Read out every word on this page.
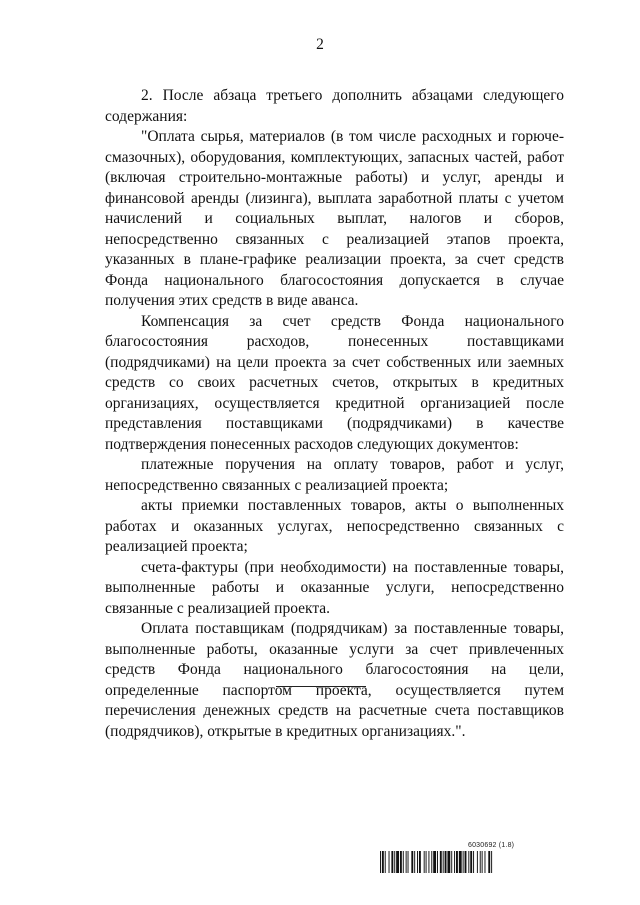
2

2. После абзаца третьего дополнить абзацами следующего содержания:

"Оплата сырья, материалов (в том числе расходных и горюче-смазочных), оборудования, комплектующих, запасных частей, работ (включая строительно-монтажные работы) и услуг, аренды и финансовой аренды (лизинга), выплата заработной платы с учетом начислений и социальных выплат, налогов и сборов, непосредственно связанных с реализацией этапов проекта, указанных в плане-графике реализации проекта, за счет средств Фонда национального благосостояния допускается в случае получения этих средств в виде аванса.

Компенсация за счет средств Фонда национального благосостояния расходов, понесенных поставщиками (подрядчиками) на цели проекта за счет собственных или заемных средств со своих расчетных счетов, открытых в кредитных организациях, осуществляется кредитной организацией после представления поставщиками (подрядчиками) в качестве подтверждения понесенных расходов следующих документов:

платежные поручения на оплату товаров, работ и услуг, непосредственно связанных с реализацией проекта;

акты приемки поставленных товаров, акты о выполненных работах и оказанных услугах, непосредственно связанных с реализацией проекта;

счета-фактуры (при необходимости) на поставленные товары, выполненные работы и оказанные услуги, непосредственно связанные с реализацией проекта.

Оплата поставщикам (подрядчикам) за поставленные товары, выполненные работы, оказанные услуги за счет привлеченных средств Фонда национального благосостояния на цели, определенные паспортом проекта, осуществляется путем перечисления денежных средств на расчетные счета поставщиков (подрядчиков), открытые в кредитных организациях.".

6030692 (1.8)
